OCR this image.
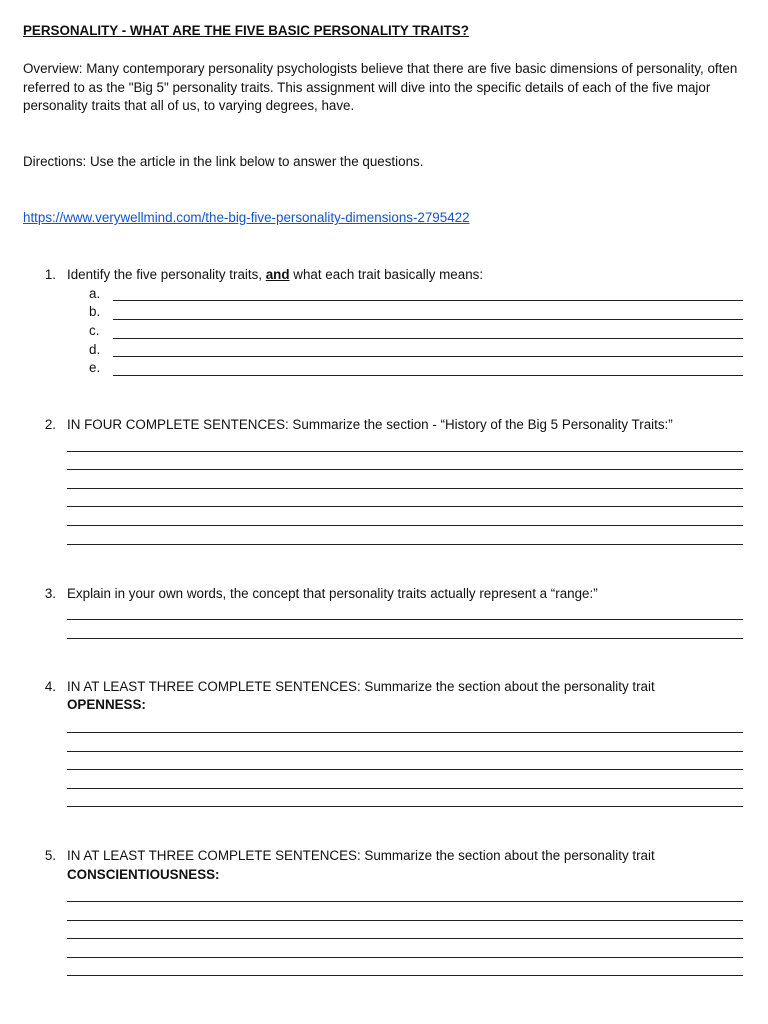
PERSONALITY - WHAT ARE THE FIVE BASIC PERSONALITY TRAITS?
Overview: Many contemporary personality psychologists believe that there are five basic dimensions of personality, often referred to as the "Big 5" personality traits. This assignment will dive into the specific details of each of the five major personality traits that all of us, to varying degrees, have.
Directions: Use the article in the link below to answer the questions.
https://www.verywellmind.com/the-big-five-personality-dimensions-2795422
1. Identify the five personality traits, and what each trait basically means:
a.
b.
c.
d.
e.
2. IN FOUR COMPLETE SENTENCES: Summarize the section - “History of the Big 5 Personality Traits:”
3. Explain in your own words, the concept that personality traits actually represent a “range:”
4. IN AT LEAST THREE COMPLETE SENTENCES: Summarize the section about the personality trait
OPENNESS:
5. IN AT LEAST THREE COMPLETE SENTENCES: Summarize the section about the personality trait
CONSCIENTIOUSNESS:
